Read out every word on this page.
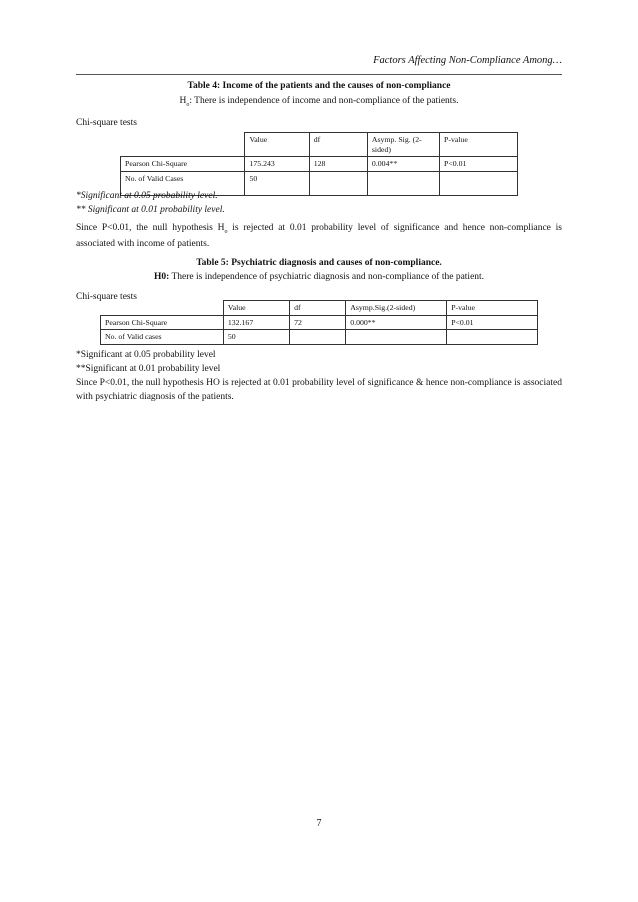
Factors Affecting Non-Compliance Among…
Table 4: Income of the patients and the causes of non-compliance
$H_o$: There is independence of income and non-compliance of the patients.
Chi-square tests
	Value	df	Asymp. Sig. (2-sided)	P-value
Pearson Chi-Square	175.243	128	0.004**	P<0.01
No. of Valid Cases	50			
*Significant at 0.05 probability level.
** Significant at 0.01 probability level.
Since P<0.01, the null hypothesis $H_o$ is rejected at 0.01 probability level of significance and hence non-compliance is associated with income of patients.
Table 5: Psychiatric diagnosis and causes of non-compliance.
H0: There is independence of psychiatric diagnosis and non-compliance of the patient.
Chi-square tests
	Value	df	Asymp.Sig.(2-sided)	P-value
Pearson Chi-Square	132.167	72	0.000**	P<0.01
No. of Valid cases	50			
*Significant at 0.05 probability level
**Significant at 0.01 probability level
Since P<0.01, the null hypothesis HO is rejected at 0.01 probability level of significance & hence non-compliance is associated with psychiatric diagnosis of the patients.
7
